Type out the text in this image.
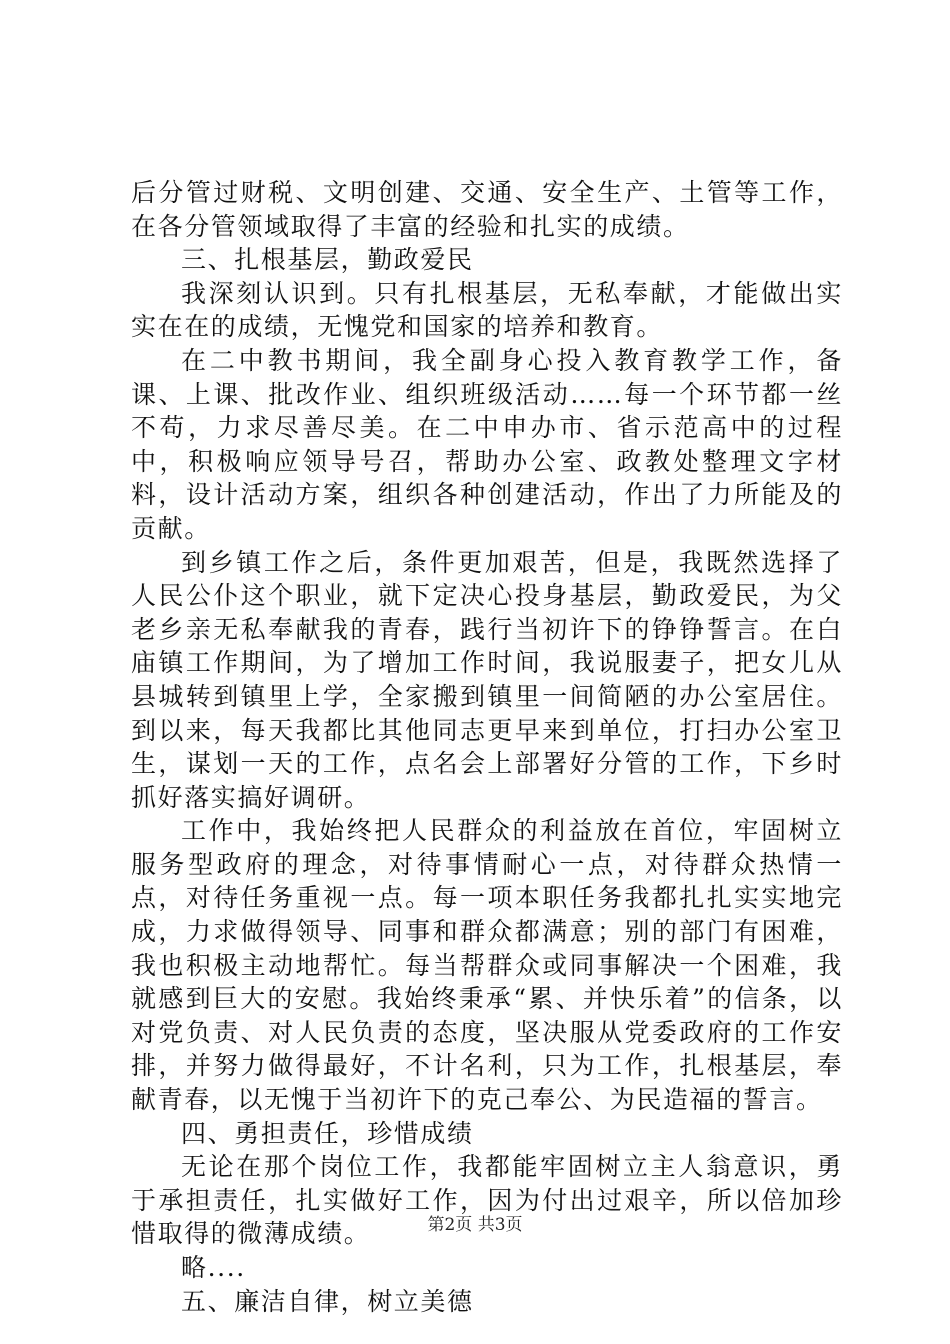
后分管过财税、文明创建、交通、安全生产、土管等工作，在各分管领域取得了丰富的经验和扎实的成绩。

三、扎根基层，勤政爱民

我深刻认识到。只有扎根基层，无私奉献，才能做出实实在在的成绩，无愧党和国家的培养和教育。

在二中教书期间，我全副身心投入教育教学工作，备课、上课、批改作业、组织班级活动……每一个环节都一丝不苟，力求尽善尽美。在二中申办市、省示范高中的过程中，积极响应领导号召，帮助办公室、政教处整理文字材料，设计活动方案，组织各种创建活动，作出了力所能及的贡献。

到乡镇工作之后，条件更加艰苦，但是，我既然选择了人民公仆这个职业，就下定决心投身基层，勤政爱民，为父老乡亲无私奉献我的青春，践行当初许下的铮铮誓言。在白庙镇工作期间，为了增加工作时间，我说服妻子，把女儿从县城转到镇里上学，全家搬到镇里一间简陋的办公室居住。到以来，每天我都比其他同志更早来到单位，打扫办公室卫生，谋划一天的工作，点名会上部署好分管的工作，下乡时抓好落实搞好调研。

工作中，我始终把人民群众的利益放在首位，牢固树立服务型政府的理念，对待事情耐心一点，对待群众热情一点，对待任务重视一点。每一项本职任务我都扎扎实实地完成，力求做得领导、同事和群众都满意；别的部门有困难，我也积极主动地帮忙。每当帮群众或同事解决一个困难，我就感到巨大的安慰。我始终秉承“累、并快乐着”的信条，以对党负责、对人民负责的态度，坚决服从党委政府的工作安排，并努力做得最好，不计名利，只为工作，扎根基层，奉献青春，以无愧于当初许下的克己奉公、为民造福的誓言。

四、勇担责任，珍惜成绩

无论在那个岗位工作，我都能牢固树立主人翁意识，勇于承担责任，扎实做好工作，因为付出过艰辛，所以倍加珍惜取得的微薄成绩。

略....

五、廉洁自律，树立美德

第2页 共3页
